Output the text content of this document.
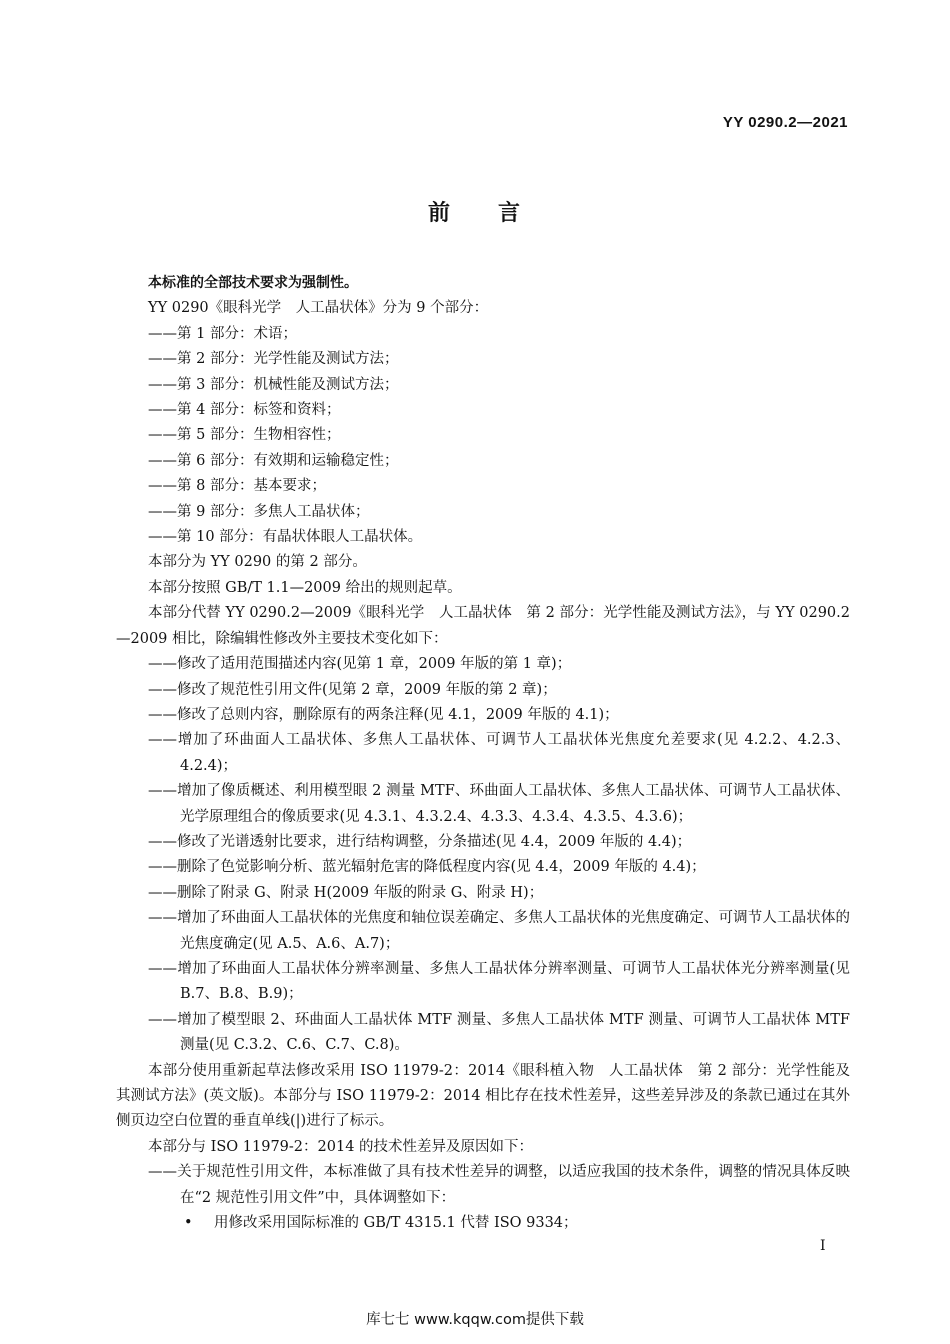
YY 0290.2—2021
前 言
本标准的全部技术要求为强制性。
YY 0290《眼科光学　人工晶状体》分为 9 个部分：
——第 1 部分：术语；
——第 2 部分：光学性能及测试方法；
——第 3 部分：机械性能及测试方法；
——第 4 部分：标签和资料；
——第 5 部分：生物相容性；
——第 6 部分：有效期和运输稳定性；
——第 8 部分：基本要求；
——第 9 部分：多焦人工晶状体；
——第 10 部分：有晶状体眼人工晶状体。
本部分为 YY 0290 的第 2 部分。
本部分按照 GB/T 1.1—2009 给出的规则起草。
本部分代替 YY 0290.2—2009《眼科光学　人工晶状体　第 2 部分：光学性能及测试方法》，与 YY 0290.2—2009 相比，除编辑性修改外主要技术变化如下：
——修改了适用范围描述内容(见第 1 章，2009 年版的第 1 章)；
——修改了规范性引用文件(见第 2 章，2009 年版的第 2 章)；
——修改了总则内容，删除原有的两条注释(见 4.1，2009 年版的 4.1)；
——增加了环曲面人工晶状体、多焦人工晶状体、可调节人工晶状体光焦度允差要求(见 4.2.2、4.2.3、4.2.4)；
——增加了像质概述、利用模型眼 2 测量 MTF、环曲面人工晶状体、多焦人工晶状体、可调节人工晶状体、光学原理组合的像质要求(见 4.3.1、4.3.2.4、4.3.3、4.3.4、4.3.5、4.3.6)；
——修改了光谱透射比要求，进行结构调整，分条描述(见 4.4，2009 年版的 4.4)；
——删除了色觉影响分析、蓝光辐射危害的降低程度内容(见 4.4，2009 年版的 4.4)；
——删除了附录 G、附录 H(2009 年版的附录 G、附录 H)；
——增加了环曲面人工晶状体的光焦度和轴位误差确定、多焦人工晶状体的光焦度确定、可调节人工晶状体的光焦度确定(见 A.5、A.6、A.7)；
——增加了环曲面人工晶状体分辨率测量、多焦人工晶状体分辨率测量、可调节人工晶状体光分辨率测量(见 B.7、B.8、B.9)；
——增加了模型眼 2、环曲面人工晶状体 MTF 测量、多焦人工晶状体 MTF 测量、可调节人工晶状体 MTF 测量(见 C.3.2、C.6、C.7、C.8)。
本部分使用重新起草法修改采用 ISO 11979-2：2014《眼科植入物　人工晶状体　第 2 部分：光学性能及其测试方法》(英文版)。本部分与 ISO 11979-2：2014 相比存在技术性差异，这些差异涉及的条款已通过在其外侧页边空白位置的垂直单线(|)进行了标示。
本部分与 ISO 11979-2：2014 的技术性差异及原因如下：
——关于规范性引用文件，本标准做了具有技术性差异的调整，以适应我国的技术条件，调整的情况具体反映在“2 规范性引用文件”中，具体调整如下：
• 用修改采用国际标准的 GB/T 4315.1 代替 ISO 9334；
I
库七七 www.kqqw.com提供下载
